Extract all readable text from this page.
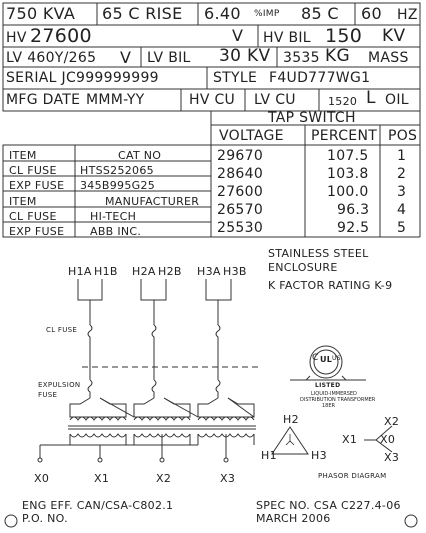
750 KVA 65 C RISE 6.40 %IMP 85 C 60 HZ
HV 27600	V HV BIL 150 KV
LV 460Y/265 V LV BIL 30 KV 3535 KG MASS
SERIAL JC999999999	STYLE F4UD777WG1
MFG DATE MMM-YY	HV CU LV CU	1520 L OIL
TAP SWITCH
VOLTAGE PERCENT POS
29670	107.5 1
28640	103.8 2
27600	100.0 3
26570	96.3 4
25530	92.5 5
ITEM	CAT NO
CL FUSE HTSS252065
EXP FUSE 345B995G25
ITEM	MANUFACTURER
CL FUSE	HI-TECH
EXP FUSE ABB INC.
STAINLESS STEEL
ENCLOSURE
K FACTOR RATING K-9
H1A H1B H2A H2B H3A H3B
CL FUSE
EXPULSION
FUSE
X0	X1	X2	X3
C UL US
LISTED
LIQUID-IMMERSED
DISTRIBUTION TRANSFORMER
18ER
H2
H1	H3
X2
X1 X0
X3
PHASOR DIAGRAM
ENG EFF. CAN/CSA-C802.1
P.O. NO.
SPEC NO. CSA C227.4-06
MARCH 2006
